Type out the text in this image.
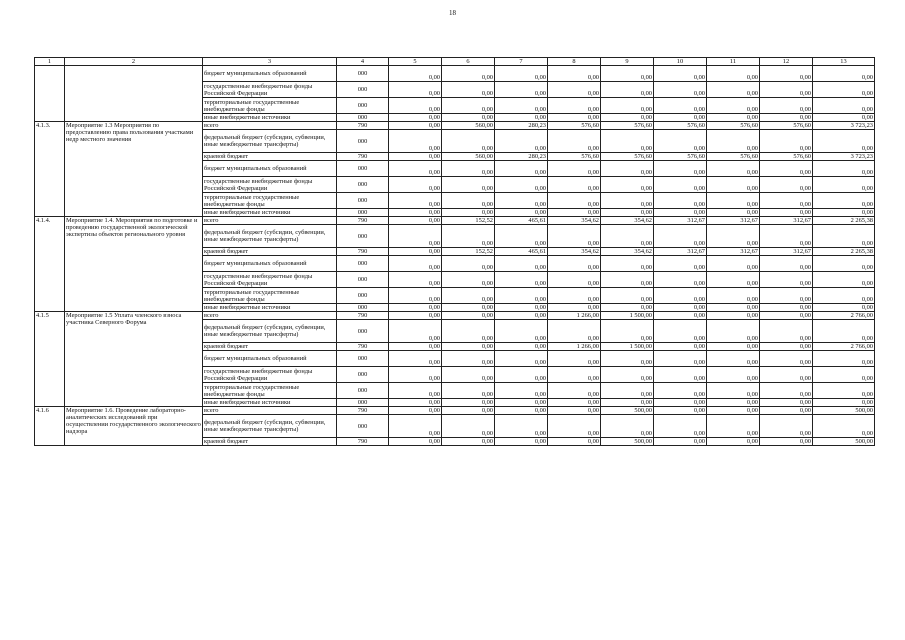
18
1	2	3	4	5	6	7	8	9	10	11	12	13
		бюджет муниципальных образований	000	0,00	0,00	0,00	0,00	0,00	0,00	0,00	0,00	0,00
		государственные внебюджетные фонды Российской Федерации	000	0,00	0,00	0,00	0,00	0,00	0,00	0,00	0,00	0,00
		территориальные государственные внебюджетные фонды	000	0,00	0,00	0,00	0,00	0,00	0,00	0,00	0,00	0,00
		иные внебюджетные источники	000	0,00	0,00	0,00	0,00	0,00	0,00	0,00	0,00	0,00
4.1.3.	Мероприятие 1.3 Мероприятия по предоставлению права пользования участками недр местного значения	всего	790	0,00	560,00	280,23	576,60	576,60	576,60	576,60	576,60	3 723,23
		федеральный бюджет (субсидии, субвенции, иные межбюджетные трансферты)	000	0,00	0,00	0,00	0,00	0,00	0,00	0,00	0,00	0,00
		краевой бюджет	790	0,00	560,00	280,23	576,60	576,60	576,60	576,60	576,60	3 723,23
		бюджет муниципальных образований	000	0,00	0,00	0,00	0,00	0,00	0,00	0,00	0,00	0,00
		государственные внебюджетные фонды Российской Федерации	000	0,00	0,00	0,00	0,00	0,00	0,00	0,00	0,00	0,00
		территориальные государственные внебюджетные фонды	000	0,00	0,00	0,00	0,00	0,00	0,00	0,00	0,00	0,00
		иные внебюджетные источники	000	0,00	0,00	0,00	0,00	0,00	0,00	0,00	0,00	0,00
4.1.4.	Мероприятие 1.4. Мероприятия по подготовке и проведению государственной экологической экспертизы объектов регионального уровня	всего	790	0,00	152,52	465,61	354,62	354,62	312,67	312,67	312,67	2 265,38
		федеральный бюджет (субсидии, субвенции, иные межбюджетные трансферты)	000	0,00	0,00	0,00	0,00	0,00	0,00	0,00	0,00	0,00
		краевой бюджет	790	0,00	152,52	465,61	354,62	354,62	312,67	312,67	312,67	2 265,38
		бюджет муниципальных образований	000	0,00	0,00	0,00	0,00	0,00	0,00	0,00	0,00	0,00
		государственные внебюджетные фонды Российской Федерации	000	0,00	0,00	0,00	0,00	0,00	0,00	0,00	0,00	0,00
		территориальные государственные внебюджетные фонды	000	0,00	0,00	0,00	0,00	0,00	0,00	0,00	0,00	0,00
		иные внебюджетные источники	000	0,00	0,00	0,00	0,00	0,00	0,00	0,00	0,00	0,00
4.1.5	Мероприятие 1.5 Уплата членского взноса участника Северного Форума	всего	790	0,00	0,00	0,00	1 266,00	1 500,00	0,00	0,00	0,00	2 766,00
		федеральный бюджет (субсидии, субвенции, иные межбюджетные трансферты)	000	0,00	0,00	0,00	0,00	0,00	0,00	0,00	0,00	0,00
		краевой бюджет	790	0,00	0,00	0,00	1 266,00	1 500,00	0,00	0,00	0,00	2 766,00
		бюджет муниципальных образований	000	0,00	0,00	0,00	0,00	0,00	0,00	0,00	0,00	0,00
		государственные внебюджетные фонды Российской Федерации	000	0,00	0,00	0,00	0,00	0,00	0,00	0,00	0,00	0,00
		территориальные государственные внебюджетные фонды	000	0,00	0,00	0,00	0,00	0,00	0,00	0,00	0,00	0,00
		иные внебюджетные источники	000	0,00	0,00	0,00	0,00	0,00	0,00	0,00	0,00	0,00
4.1.6	Мероприятие 1.6. Проведение лабораторно-аналитических исследований при осуществлении государственного экологического надзора	всего	790	0,00	0,00	0,00	0,00	500,00	0,00	0,00	0,00	500,00
		федеральный бюджет (субсидии, субвенции, иные межбюджетные трансферты)	000	0,00	0,00	0,00	0,00	0,00	0,00	0,00	0,00	0,00
		краевой бюджет	790	0,00	0,00	0,00	0,00	500,00	0,00	0,00	0,00	500,00
